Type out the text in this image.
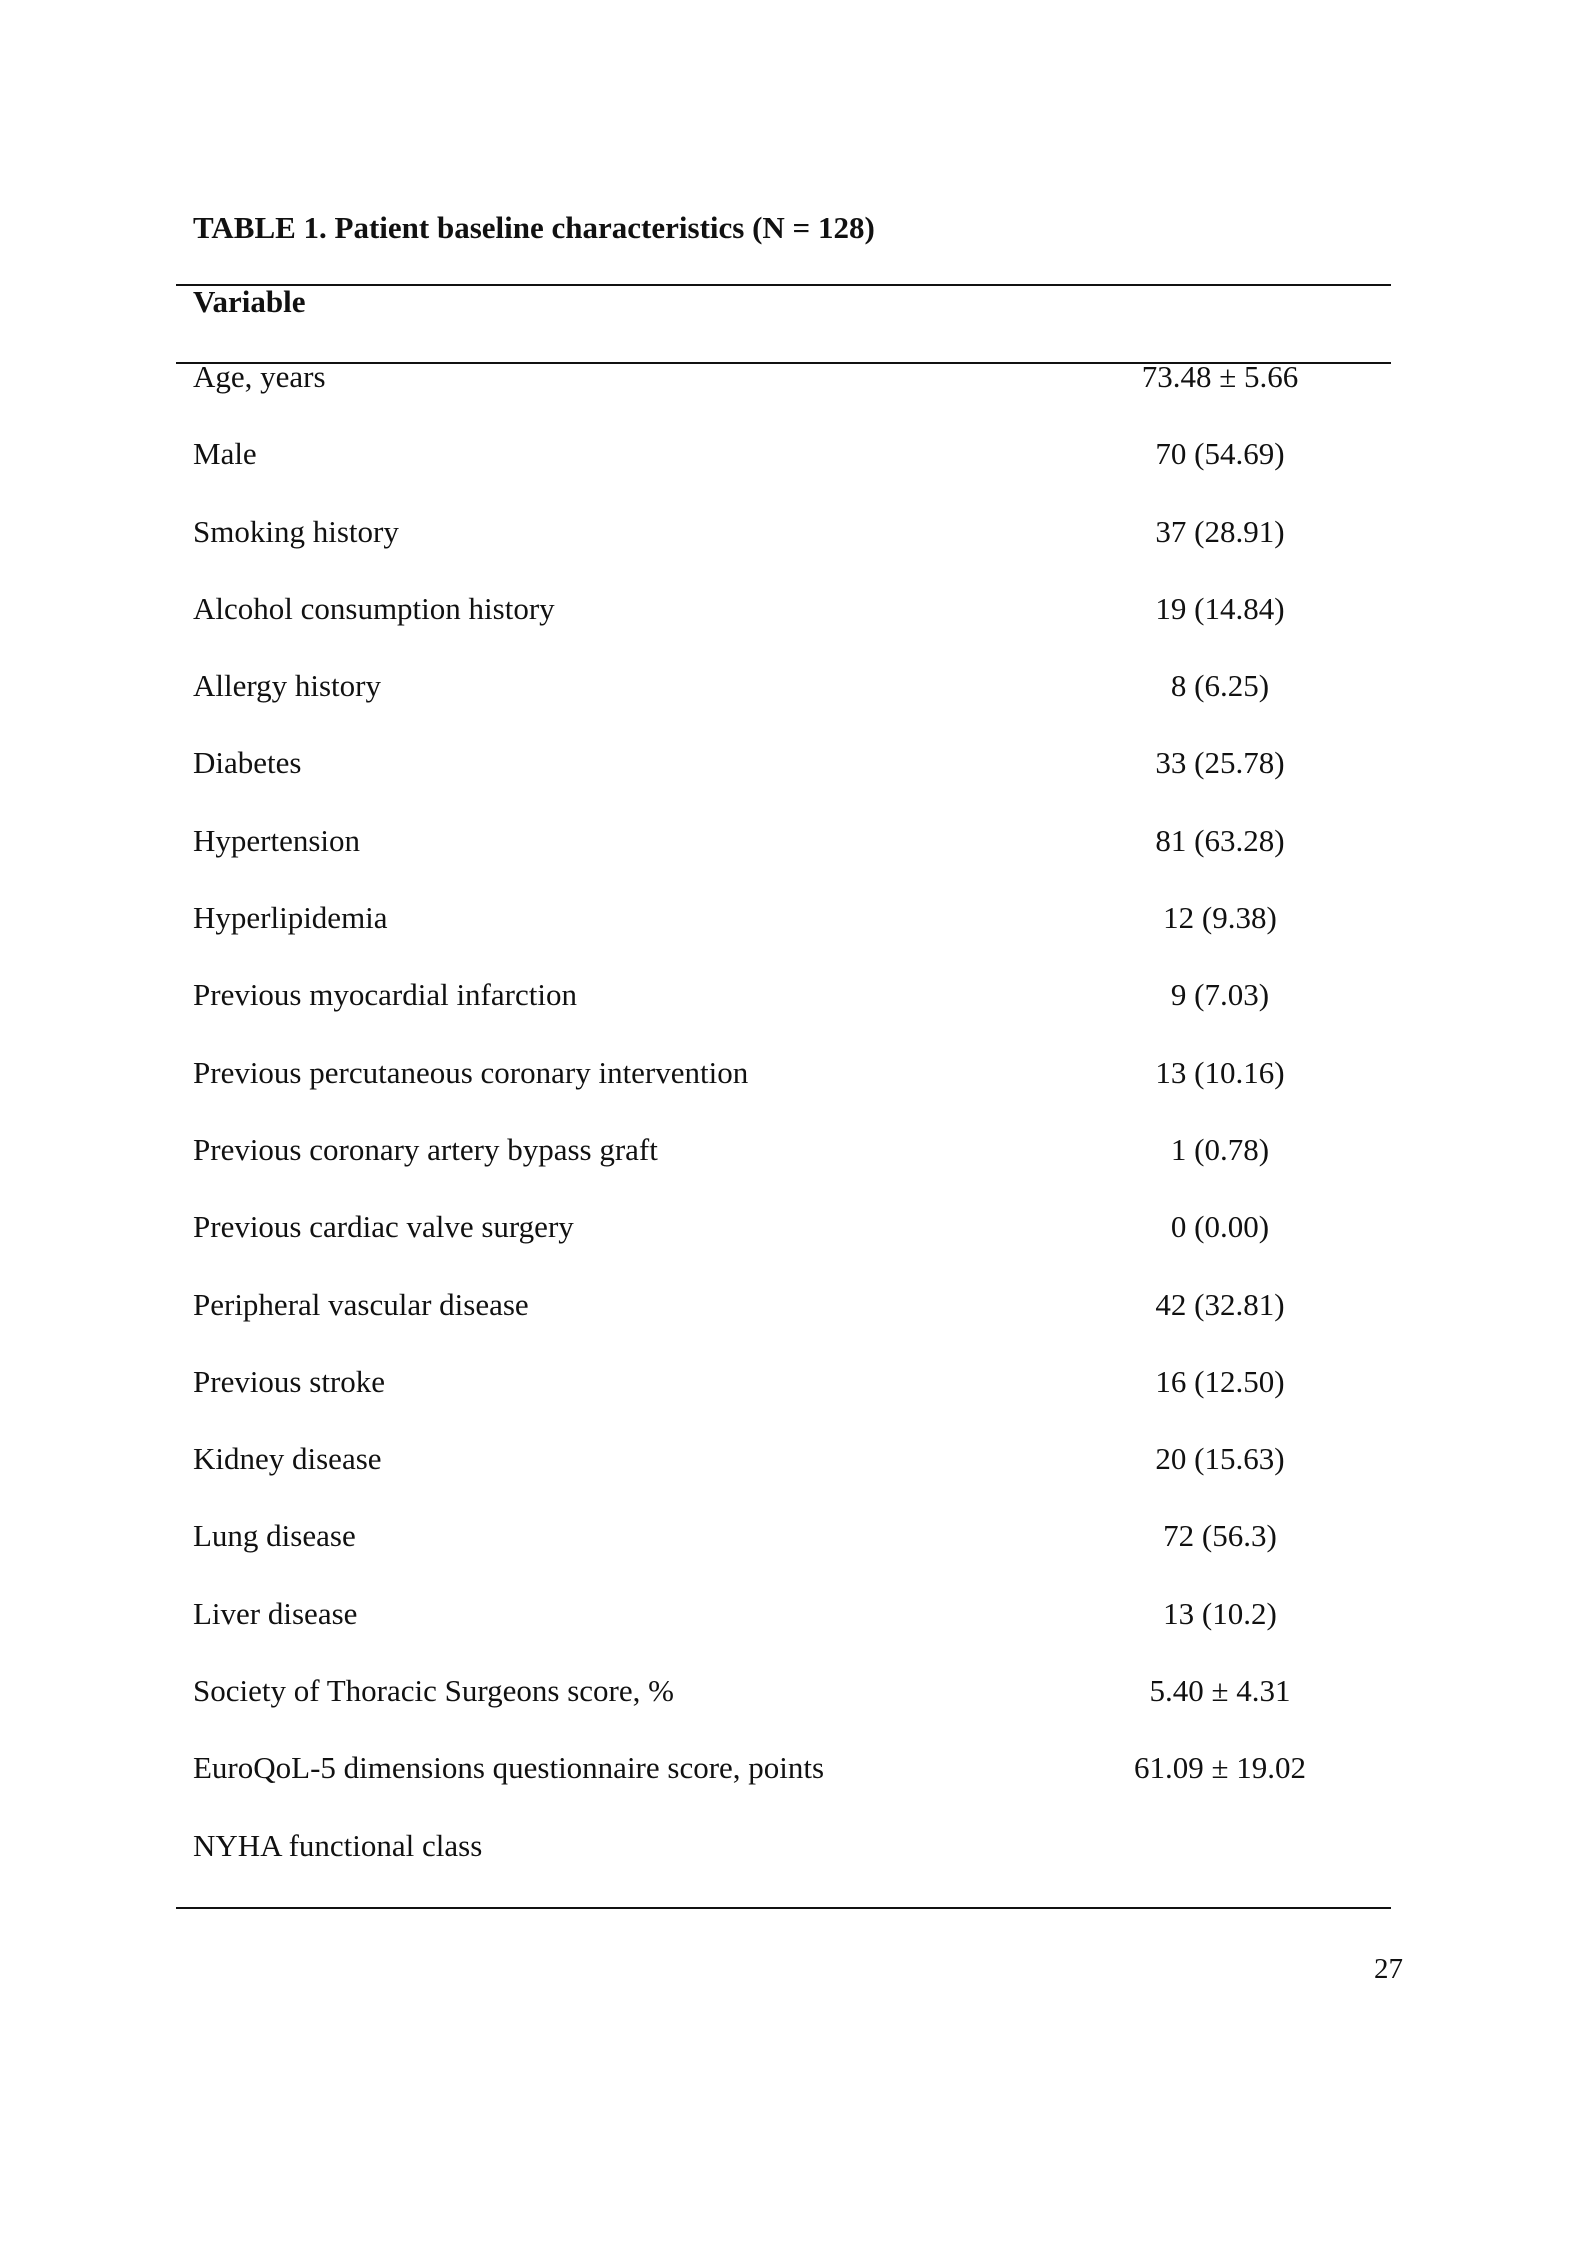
TABLE 1. Patient baseline characteristics (N = 128)
Variable
Age, years	73.48 ± 5.66
Male	70 (54.69)
Smoking history	37 (28.91)
Alcohol consumption history	19 (14.84)
Allergy history	8 (6.25)
Diabetes	33 (25.78)
Hypertension	81 (63.28)
Hyperlipidemia	12 (9.38)
Previous myocardial infarction	9 (7.03)
Previous percutaneous coronary intervention	13 (10.16)
Previous coronary artery bypass graft	1 (0.78)
Previous cardiac valve surgery	0 (0.00)
Peripheral vascular disease	42 (32.81)
Previous stroke	16 (12.50)
Kidney disease	20 (15.63)
Lung disease	72 (56.3)
Liver disease	13 (10.2)
Society of Thoracic Surgeons score, %	5.40 ± 4.31
EuroQoL-5 dimensions questionnaire score, points	61.09 ± 19.02
NYHA functional class
27
